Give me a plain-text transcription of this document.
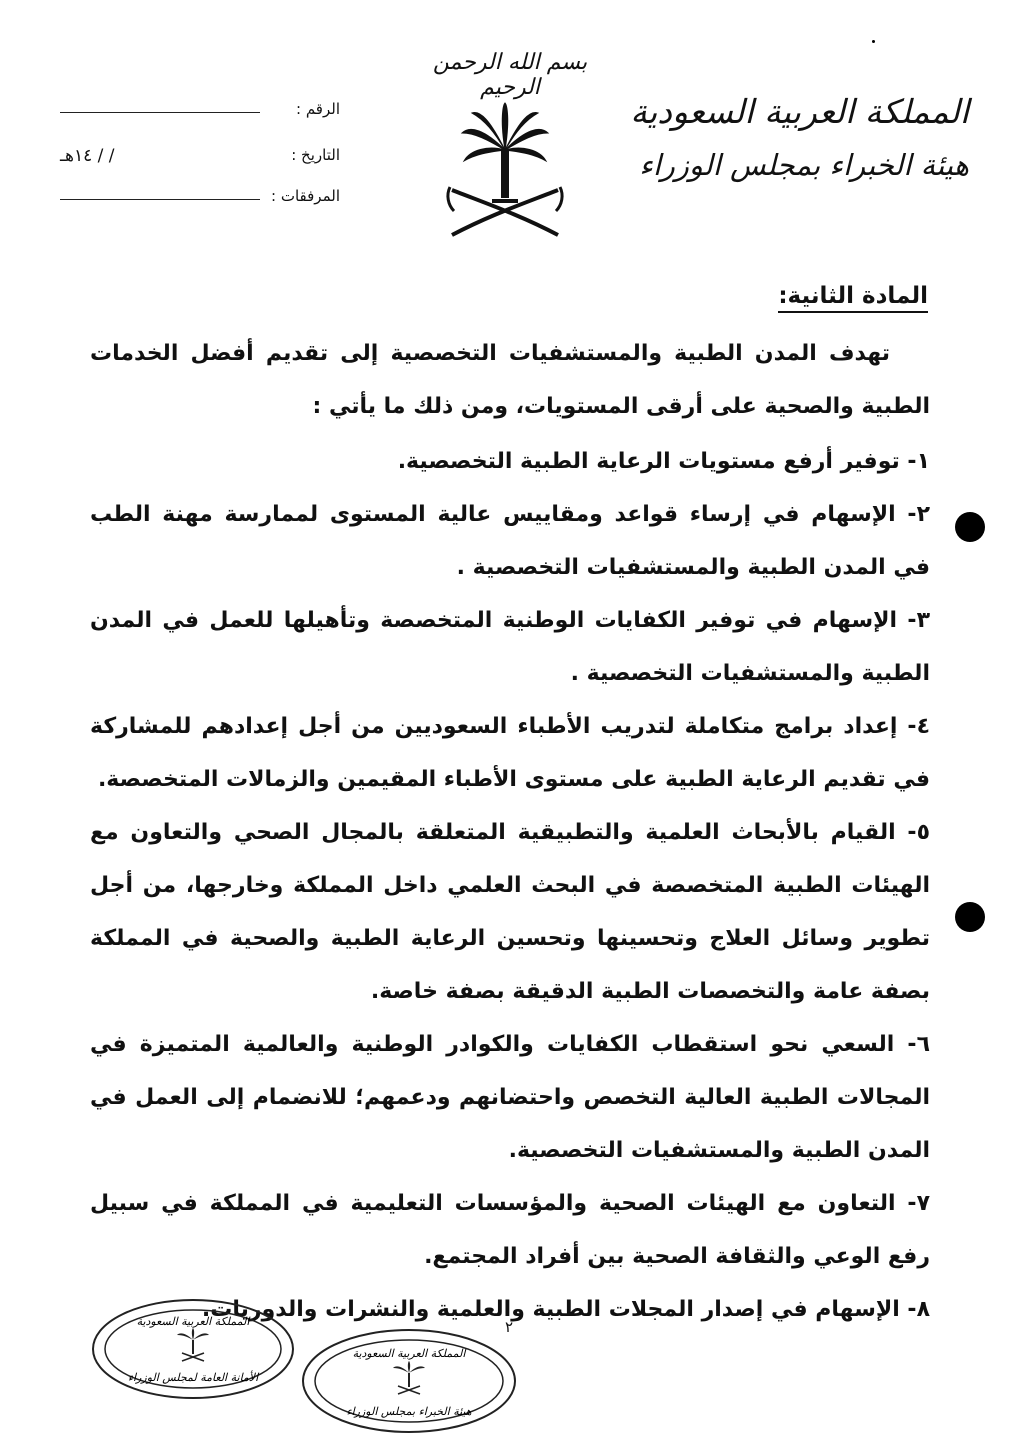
بسم الله الرحمن الرحيم
المملكة العربية السعودية
هيئة الخبراء بمجلس الوزراء
الرقم :
التاريخ :
/ / ١٤هـ
المرفقات :
المادة الثانية:
تهدف المدن الطبية والمستشفيات التخصصية إلى تقديم أفضل الخدمات الطبية والصحية على أرقى المستويات، ومن ذلك ما يأتي :
١- توفير أرفع مستويات الرعاية الطبية التخصصية.
٢- الإسهام في إرساء قواعد ومقاييس عالية المستوى لممارسة مهنة الطب في المدن الطبية والمستشفيات التخصصية .
٣- الإسهام في توفير الكفايات الوطنية المتخصصة وتأهيلها للعمل في المدن الطبية والمستشفيات التخصصية .
٤- إعداد برامج متكاملة لتدريب الأطباء السعوديين من أجل إعدادهم للمشاركة في تقديم الرعاية الطبية على مستوى الأطباء المقيمين والزمالات المتخصصة.
٥- القيام بالأبحاث العلمية والتطبيقية المتعلقة بالمجال الصحي والتعاون مع الهيئات الطبية المتخصصة في البحث العلمي داخل المملكة وخارجها، من أجل تطوير وسائل العلاج وتحسينها وتحسين الرعاية الطبية والصحية في المملكة بصفة عامة والتخصصات الطبية الدقيقة بصفة خاصة.
٦- السعي نحو استقطاب الكفايات والكوادر الوطنية والعالمية المتميزة في المجالات الطبية العالية التخصص واحتضانهم ودعمهم؛ للانضمام إلى العمل في المدن الطبية والمستشفيات التخصصية.
٧- التعاون مع الهيئات الصحية والمؤسسات التعليمية في المملكة في سبيل رفع الوعي والثقافة الصحية بين أفراد المجتمع.
٨- الإسهام في إصدار المجلات الطبية والعلمية والنشرات والدوريات.
٢
المملكة العربية السعودية
الأمانة العامة لمجلس الوزراء
المملكة العربية السعودية
هيئة الخبراء بمجلس الوزراء
